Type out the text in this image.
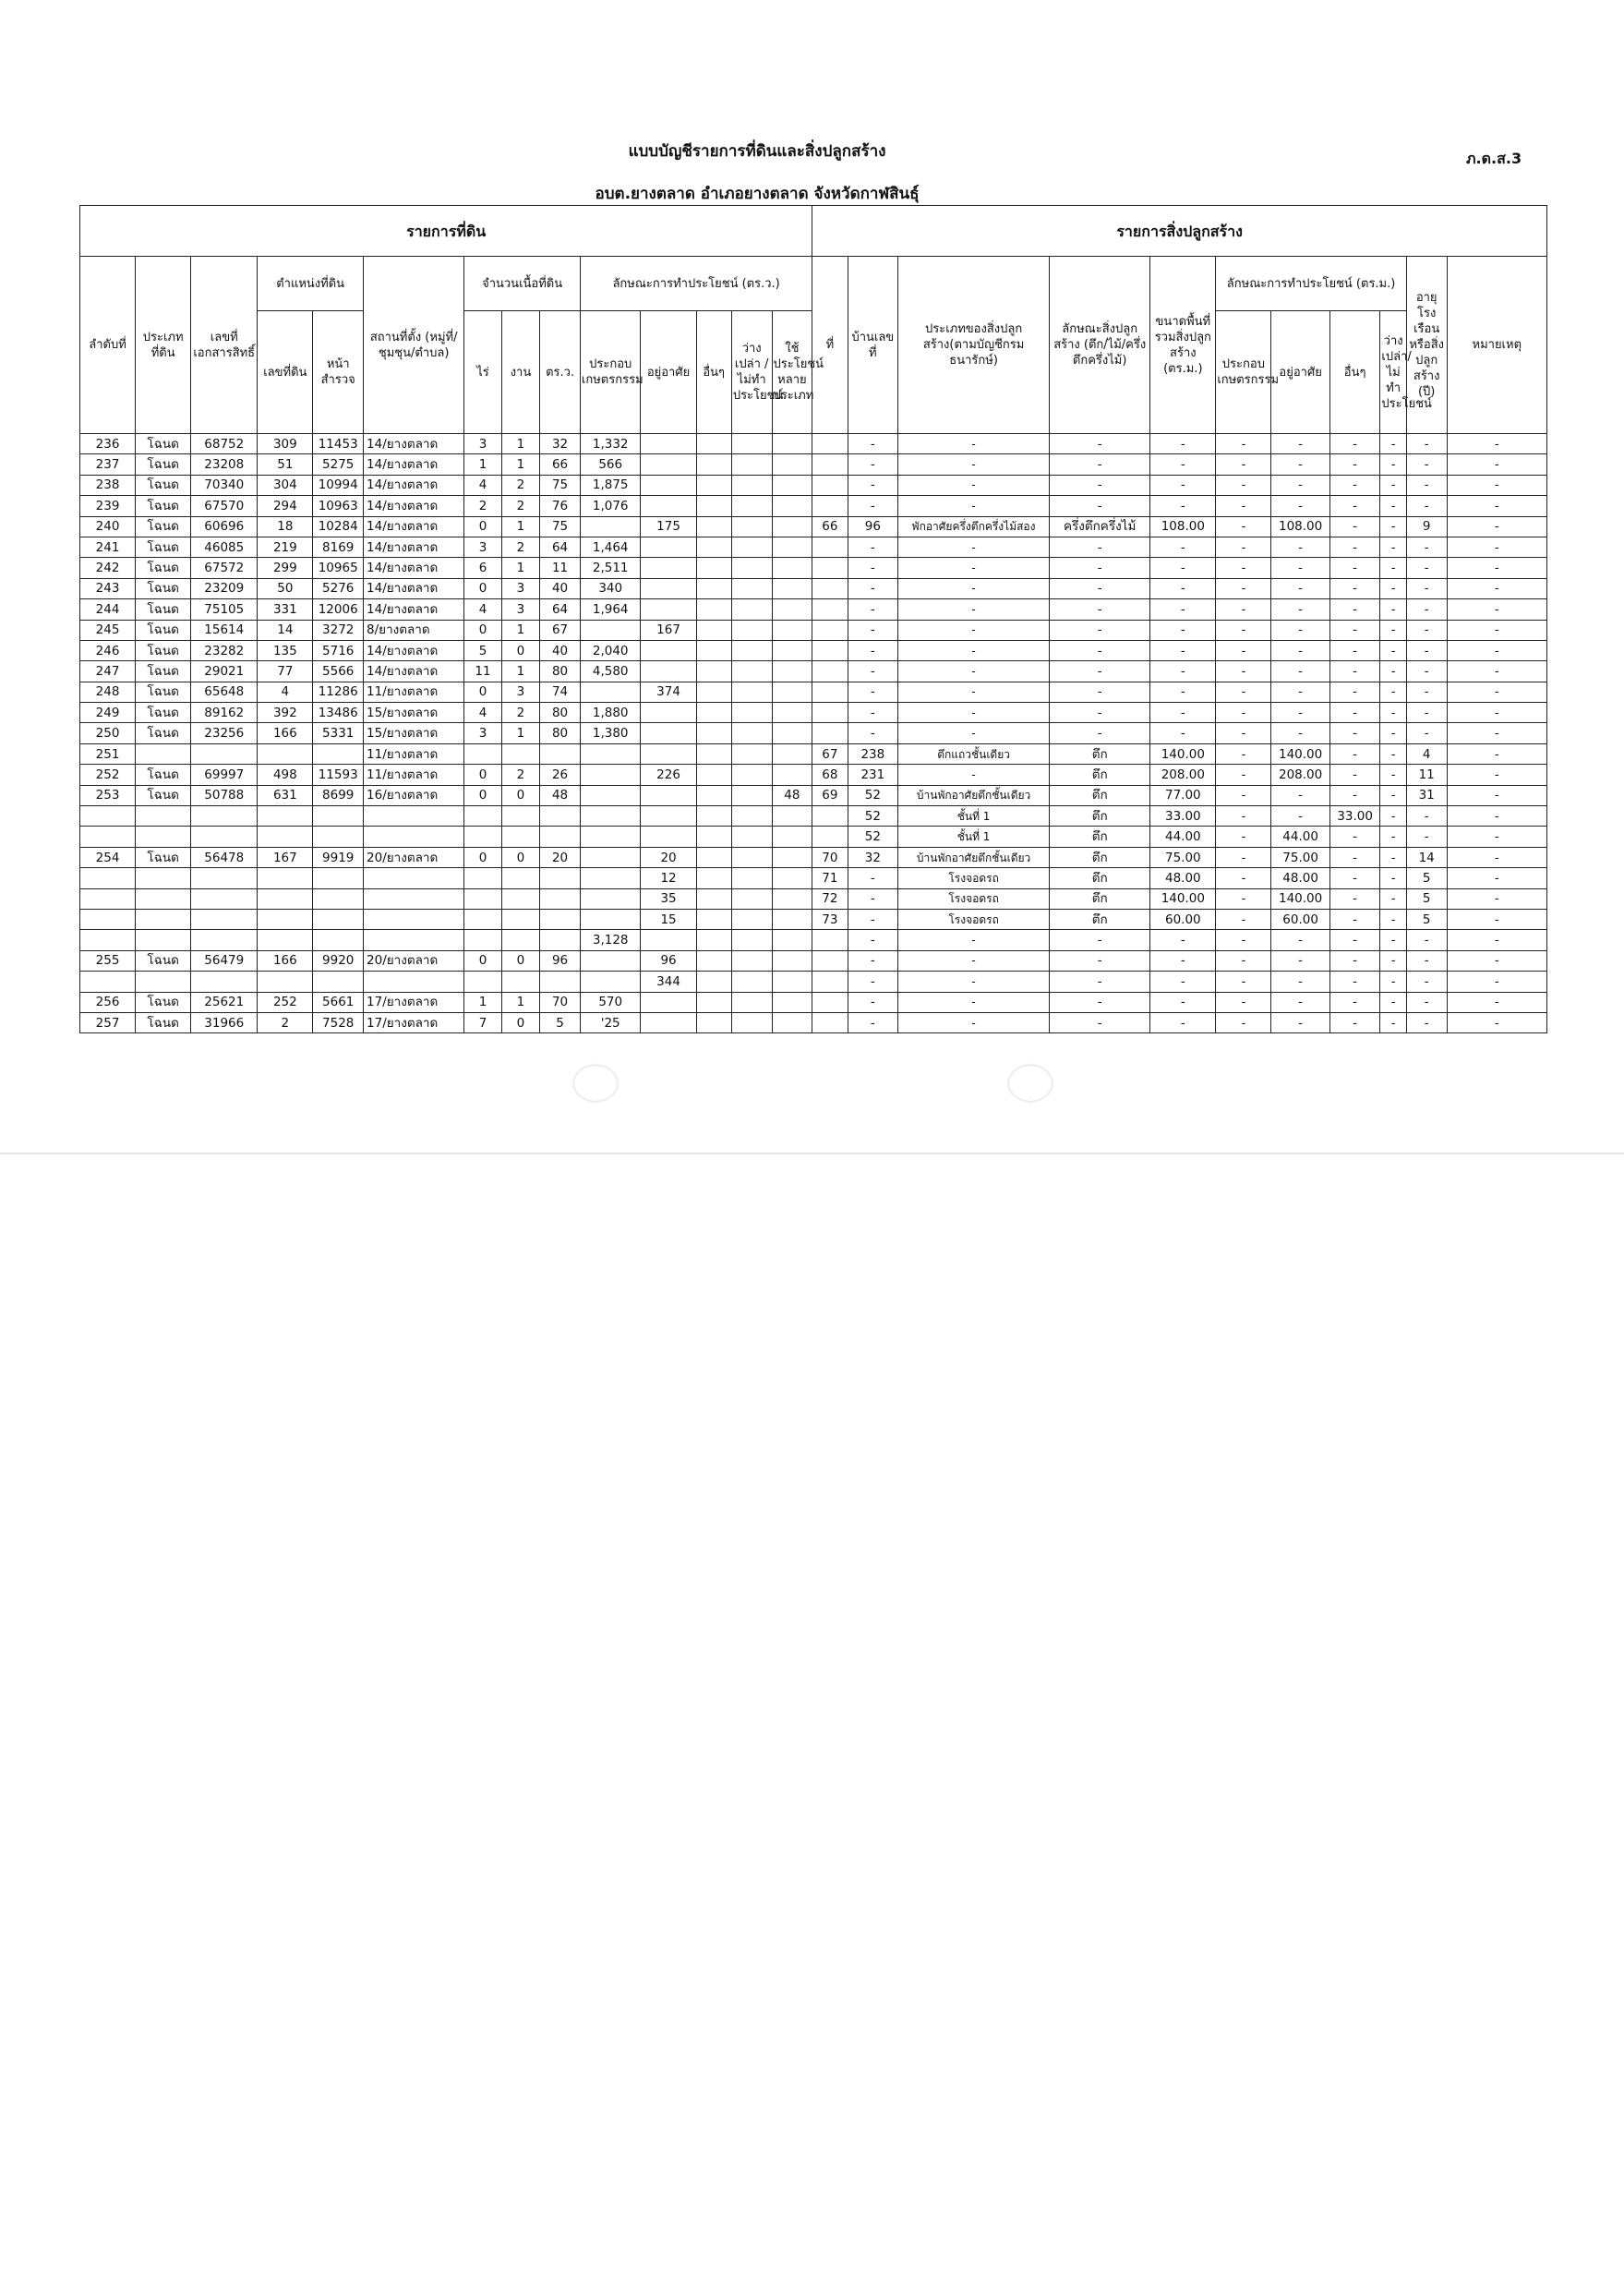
แบบบัญชีรายการที่ดินและสิ่งปลูกสร้าง
อบต.ยางตลาด อำเภอยางตลาด จังหวัดกาฬสินธุ์
ภ.ด.ส.3
รายการที่ดิน														รายการสิ่งปลูกสร้าง										
ลำดับที่	ประเภทที่ดิน	เลขที่เอกสารสิทธิ์	ตำแหน่งที่ดิน		สถานที่ตั้ง (หมู่ที่/ชุมชุน/ตำบล)	จำนวนเนื้อที่ดิน			ลักษณะการทำประโยชน์ (ตร.ว.)					ที่	บ้านเลขที่	ประเภทของสิ่งปลูกสร้าง(ตามบัญชีกรมธนารักษ์)	ลักษณะสิ่งปลูกสร้าง (ตึก/ไม้/ครึ่งตึกครึ่งไม้)	ขนาดพื้นที่รวมสิ่งปลูกสร้าง (ตร.ม.)	ลักษณะการทำประโยชน์ (ตร.ม.)				อายุโรงเรือนหรือสิ่งปลูกสร้าง (ปี)	หมายเหตุ
			เลขที่ดิน	หน้าสำรวจ		ไร่	งาน	ตร.ว.	ประกอบเกษตรกรรม	อยู่อาศัย	อื่นๆ	ว่างเปล่า / ไม่ทำประโยชน์	ใช้ประโยชน์หลายประเภท						ประกอบเกษตรกรรม	อยู่อาศัย	อื่นๆ	ว่างเปล่า/ไม่ทำประโยชน์		
236	โฉนด	68752	309	11453	14/ยางตลาด	3	1	32	1,332						-	-	-	-	-	-	-	-	-	-
237	โฉนด	23208	51	5275	14/ยางตลาด	1	1	66	566						-	-	-	-	-	-	-	-	-	-
238	โฉนด	70340	304	10994	14/ยางตลาด	4	2	75	1,875						-	-	-	-	-	-	-	-	-	-
239	โฉนด	67570	294	10963	14/ยางตลาด	2	2	76	1,076						-	-	-	-	-	-	-	-	-	-
240	โฉนด	60696	18	10284	14/ยางตลาด	0	1	75		175				66	96	พักอาศัยครึ่งตึกครึ่งไม้สอง	ครึ่งตึกครึ่งไม้	108.00	-	108.00	-	-	9	-
241	โฉนด	46085	219	8169	14/ยางตลาด	3	2	64	1,464						-	-	-	-	-	-	-	-	-	-
242	โฉนด	67572	299	10965	14/ยางตลาด	6	1	11	2,511						-	-	-	-	-	-	-	-	-	-
243	โฉนด	23209	50	5276	14/ยางตลาด	0	3	40	340						-	-	-	-	-	-	-	-	-	-
244	โฉนด	75105	331	12006	14/ยางตลาด	4	3	64	1,964						-	-	-	-	-	-	-	-	-	-
245	โฉนด	15614	14	3272	8/ยางตลาด	0	1	67		167					-	-	-	-	-	-	-	-	-	-
246	โฉนด	23282	135	5716	14/ยางตลาด	5	0	40	2,040						-	-	-	-	-	-	-	-	-	-
247	โฉนด	29021	77	5566	14/ยางตลาด	11	1	80	4,580						-	-	-	-	-	-	-	-	-	-
248	โฉนด	65648	4	11286	11/ยางตลาด	0	3	74		374					-	-	-	-	-	-	-	-	-	-
249	โฉนด	89162	392	13486	15/ยางตลาด	4	2	80	1,880						-	-	-	-	-	-	-	-	-	-
250	โฉนด	23256	166	5331	15/ยางตลาด	3	1	80	1,380						-	-	-	-	-	-	-	-	-	-
251					11/ยางตลาด									67	238	ตึกแถวชั้นเดียว	ตึก	140.00	-	140.00	-	-	4	-
252	โฉนด	69997	498	11593	11/ยางตลาด	0	2	26		226				68	231	-	ตึก	208.00	-	208.00	-	-	11	-
253	โฉนด	50788	631	8699	16/ยางตลาด	0	0	48					48	69	52	บ้านพักอาศัยตึกชั้นเดียว	ตึก	77.00	-	-	-	-	31	-
															52	ชั้นที่ 1	ตึก	33.00	-	-	33.00	-	-	-
															52	ชั้นที่ 1	ตึก	44.00	-	44.00	-	-	-	-
254	โฉนด	56478	167	9919	20/ยางตลาด	0	0	20		20				70	32	บ้านพักอาศัยตึกชั้นเดียว	ตึก	75.00	-	75.00	-	-	14	-
										12				71	-	โรงจอดรถ	ตึก	48.00	-	48.00	-	-	5	-
										35				72	-	โรงจอดรถ	ตึก	140.00	-	140.00	-	-	5	-
										15				73	-	โรงจอดรถ	ตึก	60.00	-	60.00	-	-	5	-
									3,128						-	-	-	-	-	-	-	-	-	-
255	โฉนด	56479	166	9920	20/ยางตลาด	0	0	96		96					-	-	-	-	-	-	-	-	-	-
										344					-	-	-	-	-	-	-	-	-	-
256	โฉนด	25621	252	5661	17/ยางตลาด	1	1	70	570						-	-	-	-	-	-	-	-	-	-
257	โฉนด	31966	2	7528	17/ยางตลาด	7	0	5	'25						-	-	-	-	-	-	-	-	-	-
